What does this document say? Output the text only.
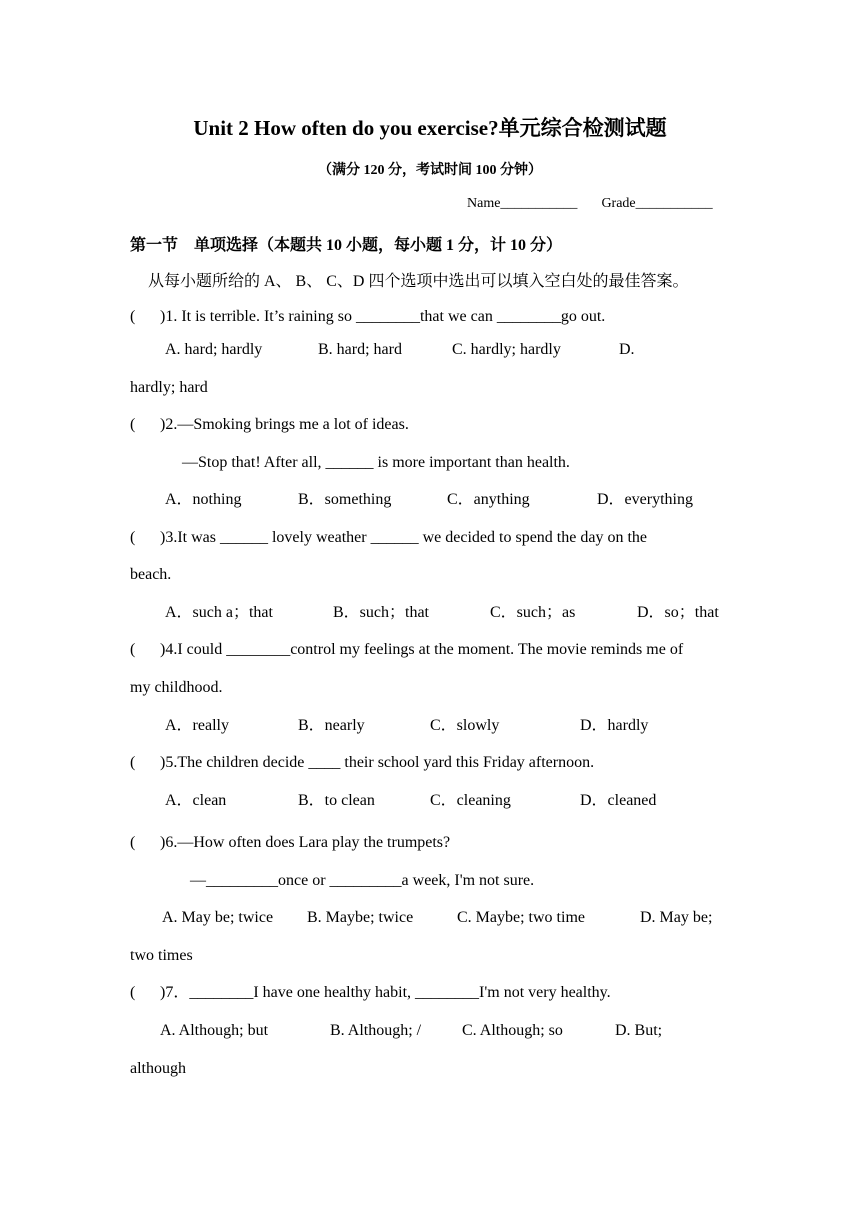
Unit 2 How often do you exercise?单元综合检测试题
（满分 120 分，考试时间 100 分钟）
Name___________ Grade___________
第一节　单项选择（本题共 10 小题，每小题 1 分，计 10 分）
从每小题所给的 A、 B、 C、D 四个选项中选出可以填入空白处的最佳答案。
( )1. It is terrible. It’s raining so ________that we can ________go out.
A. hard; hardly	B. hard; hard	C. hardly; hardly	D.
hardly; hard
( )2.—Smoking brings me a lot of ideas.
—Stop that! After all, ______ is more important than health.
A．nothing	B．something	C．anything	D．everything
( )3.It was ______ lovely weather ______ we decided to spend the day on the
beach.
A．such a；that	B．such；that	C．such；as	D．so；that
( )4.I could ________control my feelings at the moment. The movie reminds me of
my childhood.
A．really	B．nearly	C．slowly	D．hardly
( )5.The children decide ____ their school yard this Friday afternoon.
A．clean	B．to clean	C．cleaning	D．cleaned
( )6.—How often does Lara play the trumpets?
—_________once or _________a week, I'm not sure.
A. May be; twice B. Maybe; twice	C. Maybe; two time	D. May be;
two times
( )7．________I have one healthy habit, ________I'm not very healthy.
A. Although; but	B. Although; /	C. Although; so	D. But;
although
